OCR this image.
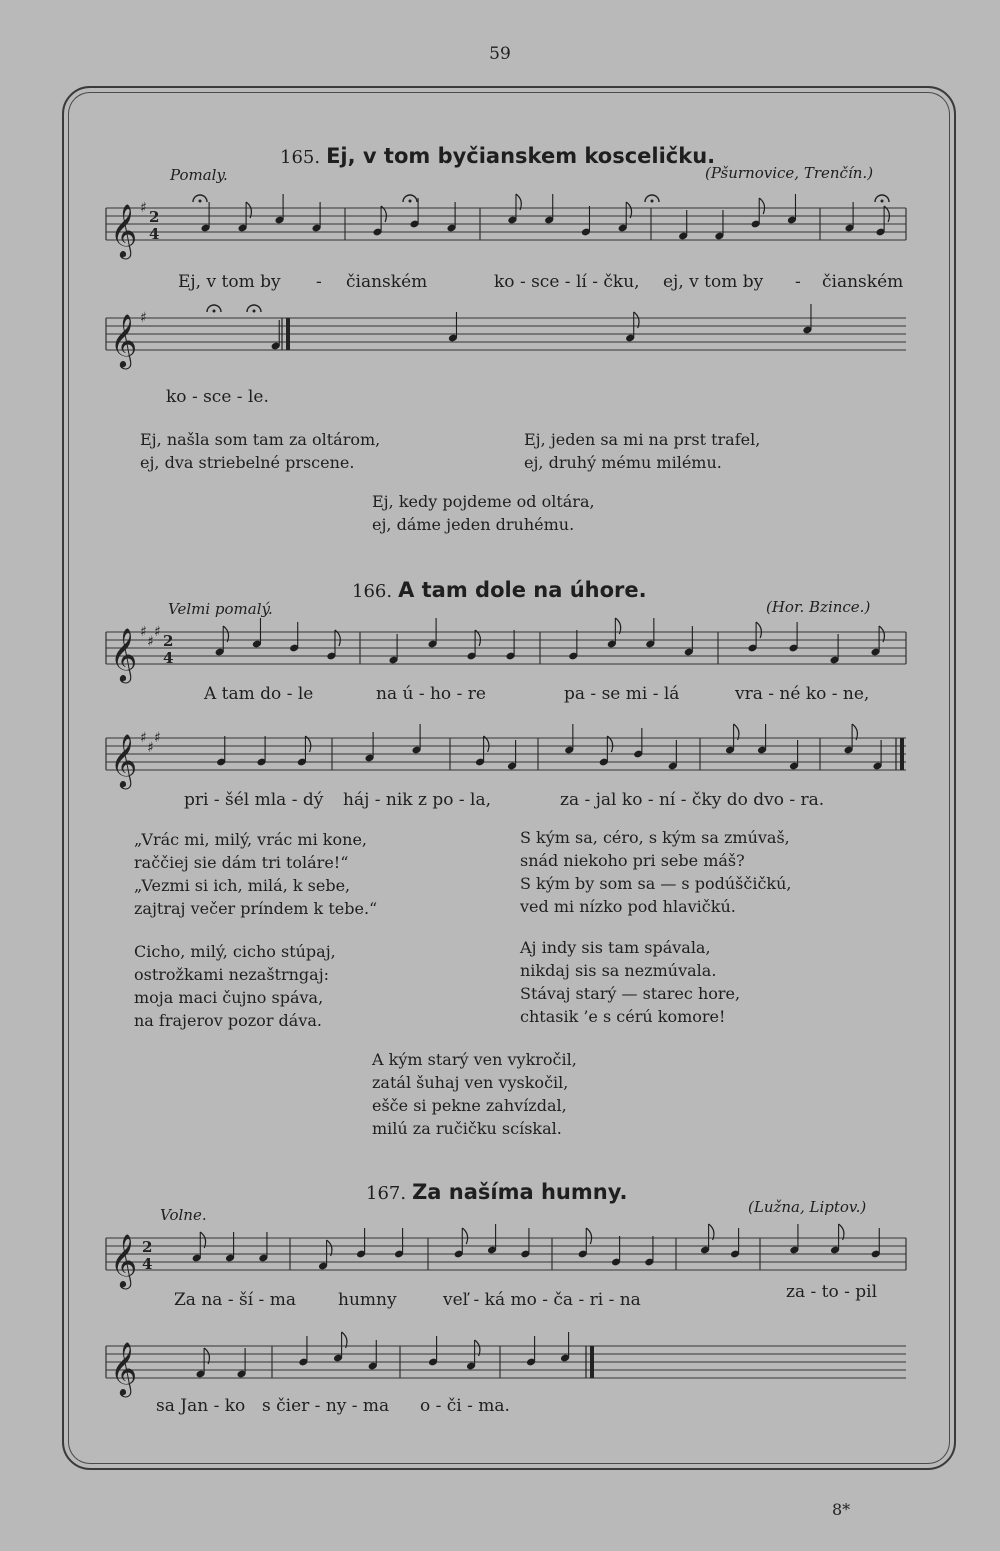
59
165. Ej, v tom byčianskem kosceličku.
Pomaly.	(Pšurnovice, Trenčín.)
𝄞 ♯ 2
4
𝄞 ♯
Ej, v tom by - čianském	ko - sce - lí - čku, ej, v tom by - čianském
ko - sce - le.
Ej, našla som tam za oltárom,
ej, dva striebelné prscene.
Ej, jeden sa mi na prst trafel,
ej, druhý mému milému.
Ej, kedy pojdeme od oltára,
ej, dáme jeden druhému.
166. A tam dole na úhore.
Velmi pomalý.	(Hor. Bzince.)
𝄞 ♯
♯
♯ 2
4
𝄞 ♯
♯
♯
A tam do - le	na ú - ho - re	pa - se mi - lá	vra - né ko - ne,
pri - šél mla - dý háj - nik z po - la,	za - jal ko - ní - čky do dvo - ra.
„Vrác mi, milý, vrác mi kone,
raččiej sie dám tri toláre!“
„Vezmi si ich, milá, k sebe,
zajtraj večer príndem k tebe.“
S kým sa, céro, s kým sa zmúvaš,
snád niekoho pri sebe máš?
S kým by som sa — s podúščičkú,
ved mi nízko pod hlavičkú.
Cicho, milý, cicho stúpaj,
ostrožkami nezaštrngaj:
moja maci čujno spáva,
na frajerov pozor dáva.
Aj indy sis tam spávala,
nikdaj sis sa nezmúvala.
Stávaj starý — starec hore,
chtasik ’e s cérú komore!
A kým starý ven vykročil,
zatál šuhaj ven vyskočil,
ešče si pekne zahvízdal,
milú za ručičku scískal.
167. Za našíma humny.
Volne.	(Lužna, Liptov.)
𝄞 2
4
𝄞
Za na - ší - ma humny	veľ - ká mo - ča - ri - na	za - to - pil
sa Jan - ko s čier - ny - ma o - či - ma.
8*
